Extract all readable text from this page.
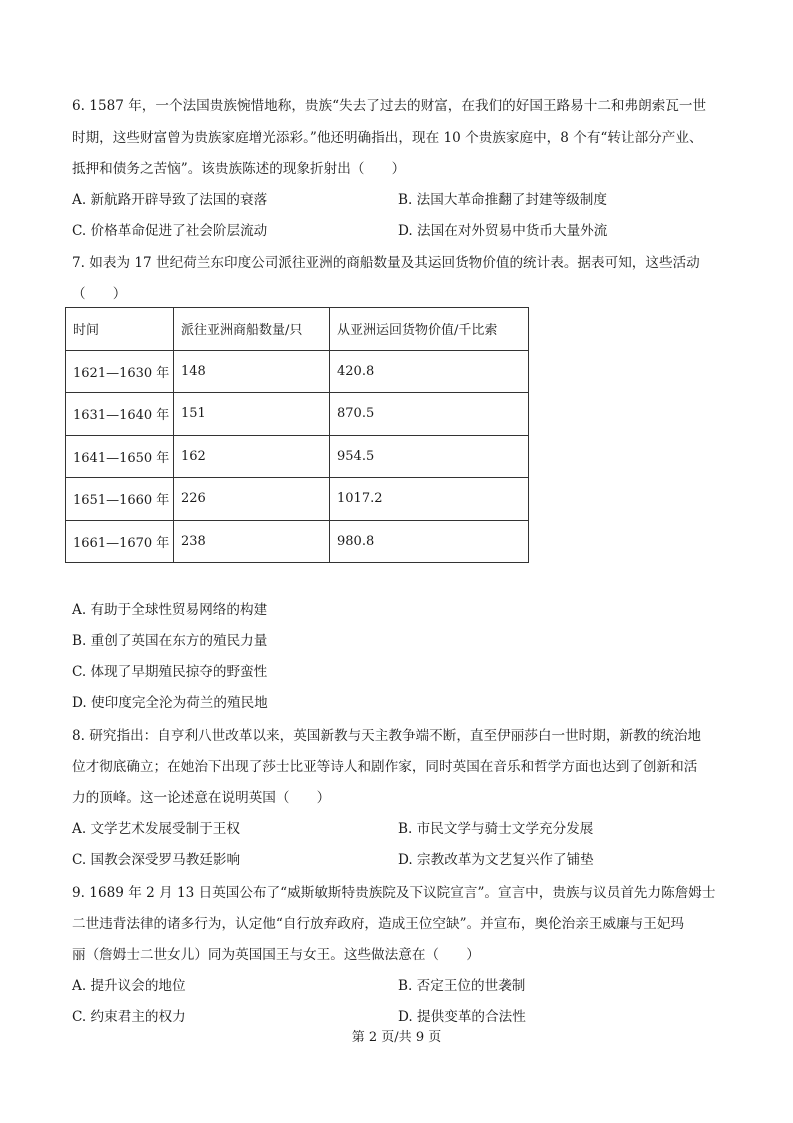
6. 1587 年，一个法国贵族惋惜地称，贵族“失去了过去的财富，在我们的好国王路易十二和弗朗索瓦一世
时期，这些财富曾为贵族家庭增光添彩。”他还明确指出，现在 10 个贵族家庭中，8 个有“转让部分产业、
抵押和债务之苦恼”。该贵族陈述的现象折射出（　　）
A. 新航路开辟导致了法国的衰落	B. 法国大革命推翻了封建等级制度
C. 价格革命促进了社会阶层流动	D. 法国在对外贸易中货币大量外流
7. 如表为 17 世纪荷兰东印度公司派往亚洲的商船数量及其运回货物价值的统计表。据表可知，这些活动
（　　）
时间	派往亚洲商船数量/只	从亚洲运回货物价值/千比索
1621—1630 年	148	420.8
1631—1640 年	151	870.5
1641—1650 年	162	954.5
1651—1660 年	226	1017.2
1661—1670 年	238	980.8
A. 有助于全球性贸易网络的构建
B. 重创了英国在东方的殖民力量
C. 体现了早期殖民掠夺的野蛮性
D. 使印度完全沦为荷兰的殖民地
8. 研究指出：自亨利八世改革以来，英国新教与天主教争端不断，直至伊丽莎白一世时期，新教的统治地
位才彻底确立；在她治下出现了莎士比亚等诗人和剧作家，同时英国在音乐和哲学方面也达到了创新和活
力的顶峰。这一论述意在说明英国（　　）
A. 文学艺术发展受制于王权	B. 市民文学与骑士文学充分发展
C. 国教会深受罗马教廷影响	D. 宗教改革为文艺复兴作了铺垫
9. 1689 年 2 月 13 日英国公布了“威斯敏斯特贵族院及下议院宣言”。宣言中，贵族与议员首先力陈詹姆士
二世违背法律的诸多行为，认定他“自行放弃政府，造成王位空缺”。并宣布，奥伦治亲王威廉与王妃玛
丽（詹姆士二世女儿）同为英国国王与女王。这些做法意在（　　）
A. 提升议会的地位	B. 否定王位的世袭制
C. 约束君主的权力	D. 提供变革的合法性
第 2 页/共 9 页
